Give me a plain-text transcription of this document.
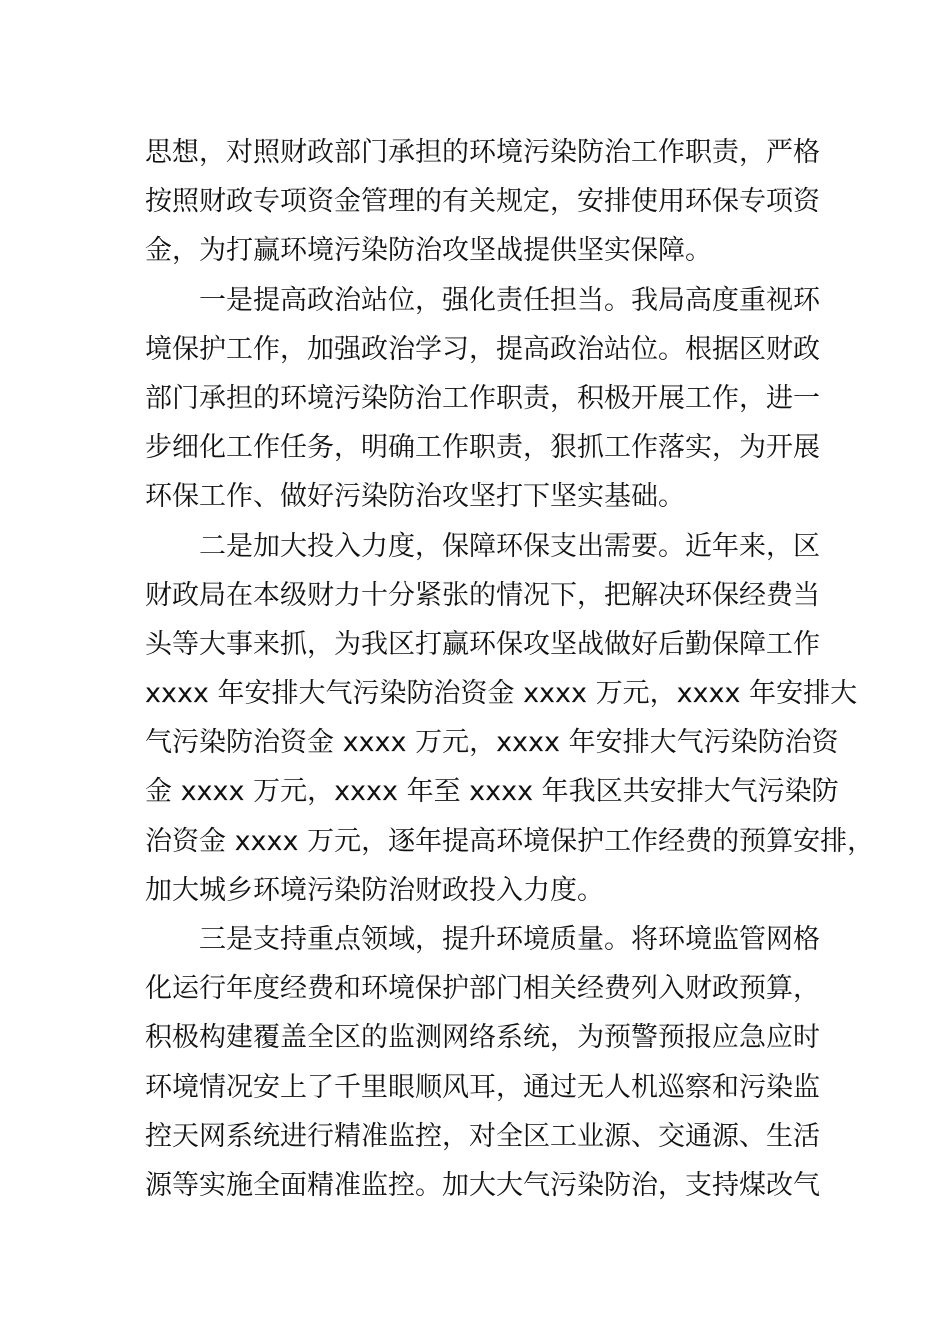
思想，对照财政部门承担的环境污染防治工作职责，严格
按照财政专项资金管理的有关规定，安排使用环保专项资
金，为打赢环境污染防治攻坚战提供坚实保障。
一是提高政治站位，强化责任担当。我局高度重视环
境保护工作，加强政治学习，提高政治站位。根据区财政
部门承担的环境污染防治工作职责，积极开展工作，进一
步细化工作任务，明确工作职责，狠抓工作落实，为开展
环保工作、做好污染防治攻坚打下坚实基础。
二是加大投入力度，保障环保支出需要。近年来，区
财政局在本级财力十分紧张的情况下，把解决环保经费当
头等大事来抓，为我区打赢环保攻坚战做好后勤保障工作
xxxx 年安排大气污染防治资金 xxxx 万元，xxxx 年安排大
气污染防治资金 xxxx 万元，xxxx 年安排大气污染防治资
金 xxxx 万元，xxxx 年至 xxxx 年我区共安排大气污染防
治资金 xxxx 万元，逐年提高环境保护工作经费的预算安排，
加大城乡环境污染防治财政投入力度。
三是支持重点领域，提升环境质量。将环境监管网格
化运行年度经费和环境保护部门相关经费列入财政预算，
积极构建覆盖全区的监测网络系统，为预警预报应急应时
环境情况安上了千里眼顺风耳，通过无人机巡察和污染监
控天网系统进行精准监控，对全区工业源、交通源、生活
源等实施全面精准监控。加大大气污染防治，支持煤改气
